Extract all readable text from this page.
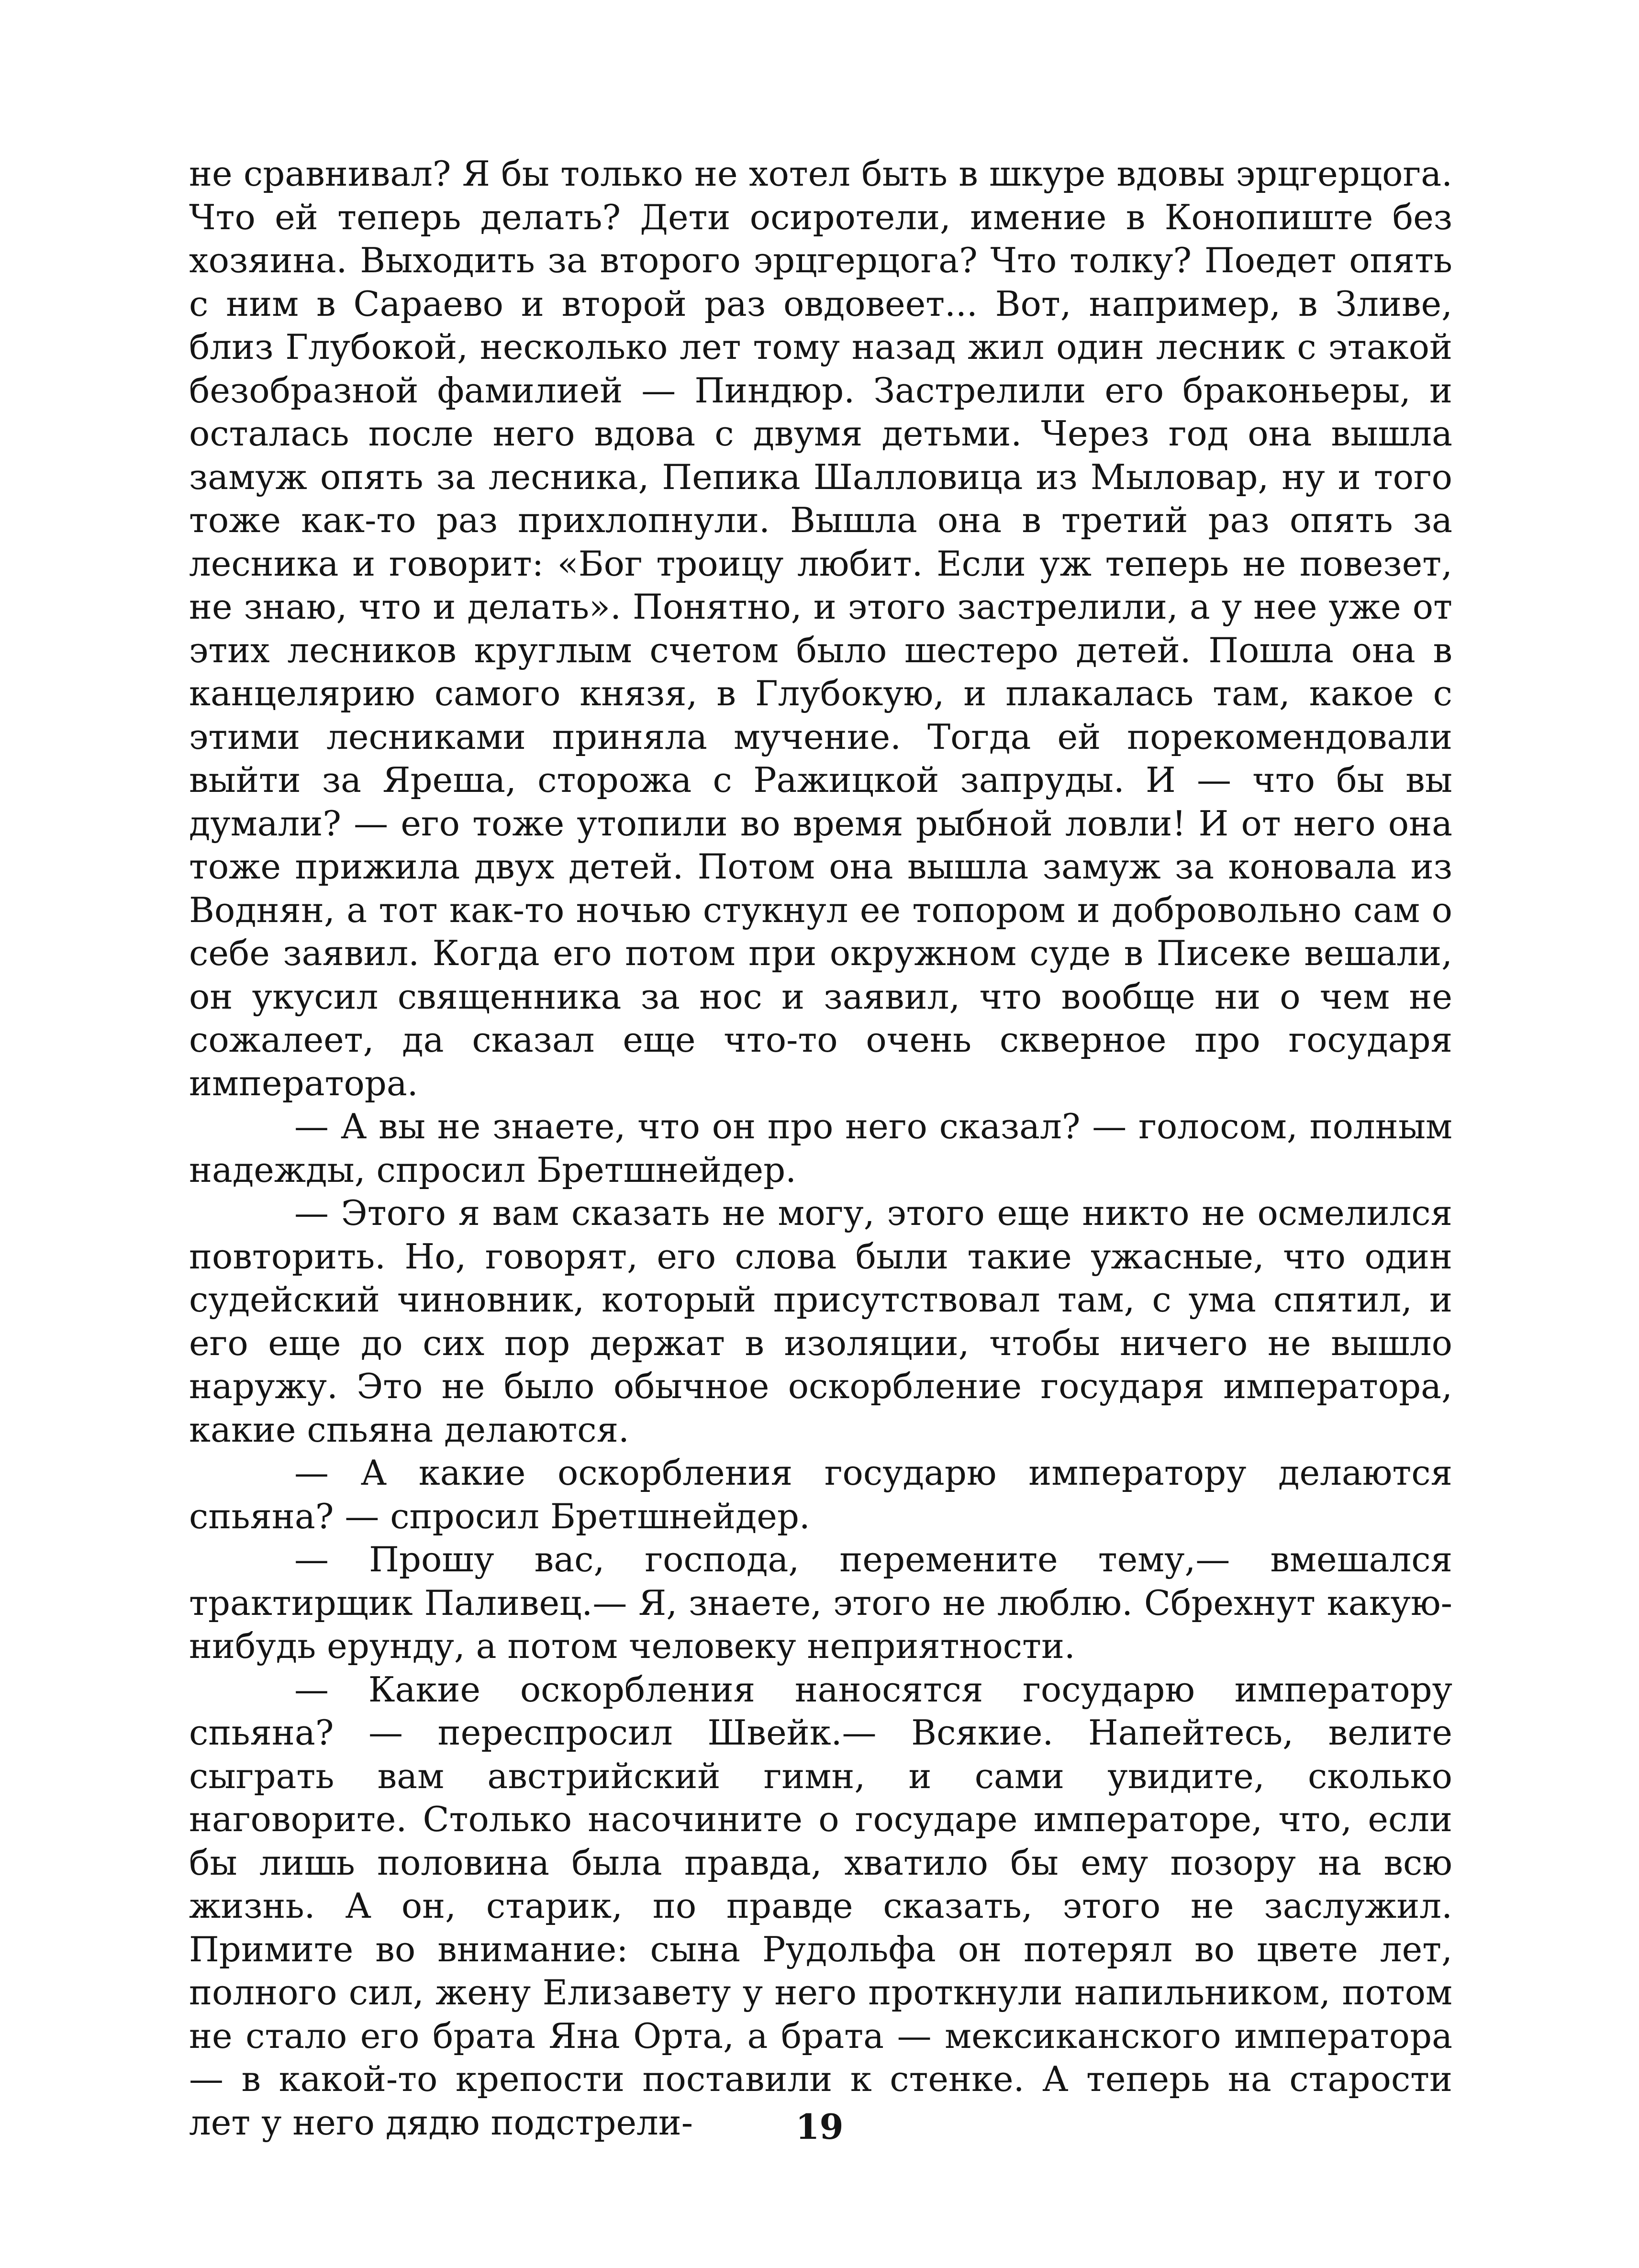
не сравнивал? Я бы только не хотел быть в шкуре вдовы эрцгерцога. Что ей теперь делать? Дети осиротели, имение в Конопиште без хозяина. Выходить за второго эрцгерцога? Что толку? Поедет опять с ним в Сараево и второй раз овдовеет... Вот, например, в Зливе, близ Глубокой, несколько лет тому назад жил один лесник с этакой безобразной фамилией — Пиндюр. Застрелили его браконьеры, и осталась после него вдова с двумя детьми. Через год она вышла замуж опять за лесника, Пепика Шалловица из Мыловар, ну и того тоже как-то раз прихлопнули. Вышла она в третий раз опять за лесника и говорит: «Бог троицу любит. Если уж теперь не повезет, не знаю, что и делать». Понятно, и этого застрелили, а у нее уже от этих лесников круглым счетом было шестеро детей. Пошла она в канцелярию самого князя, в Глубокую, и плакалась там, какое с этими лесниками приняла мучение. Тогда ей порекомендовали выйти за Яреша, сторожа с Ражицкой запруды. И — что бы вы думали? — его тоже утопили во время рыбной ловли! И от него она тоже прижила двух детей. Потом она вышла замуж за коновала из Воднян, а тот как-то ночью стукнул ее топором и добровольно сам о себе заявил. Когда его потом при окружном суде в Писеке вешали, он укусил священника за нос и заявил, что вообще ни о чем не сожалеет, да сказал еще что-то очень скверное про государя императора.

— А вы не знаете, что он про него сказал? — голосом, полным надежды, спросил Бретшнейдер.

— Этого я вам сказать не могу, этого еще никто не осмелился повторить. Но, говорят, его слова были такие ужасные, что один судейский чиновник, который присутствовал там, с ума спятил, и его еще до сих пор держат в изоляции, чтобы ничего не вышло наружу. Это не было обычное оскорбление государя императора, какие спьяна делаются.

— А какие оскорбления государю императору делаются спьяна? — спросил Бретшнейдер.

— Прошу вас, господа, перемените тему,— вмешался трактирщик Паливец.— Я, знаете, этого не люблю. Сбрехнут какую-нибудь ерунду, а потом человеку неприятности.

— Какие оскорбления наносятся государю императору спьяна? — переспросил Швейк.— Всякие. Напейтесь, велите сыграть вам австрийский гимн, и сами увидите, сколько наговорите. Столько насочините о государе императоре, что, если бы лишь половина была правда, хватило бы ему позору на всю жизнь. А он, старик, по правде сказать, этого не заслужил. Примите во внимание: сына Рудольфа он потерял во цвете лет, полного сил, жену Елизавету у него проткнули напильником, потом не стало его брата Яна Орта, а брата — мексиканского императора — в какой-то крепости поставили к стенке. А теперь на старости лет у него дядю подстрели-	19
